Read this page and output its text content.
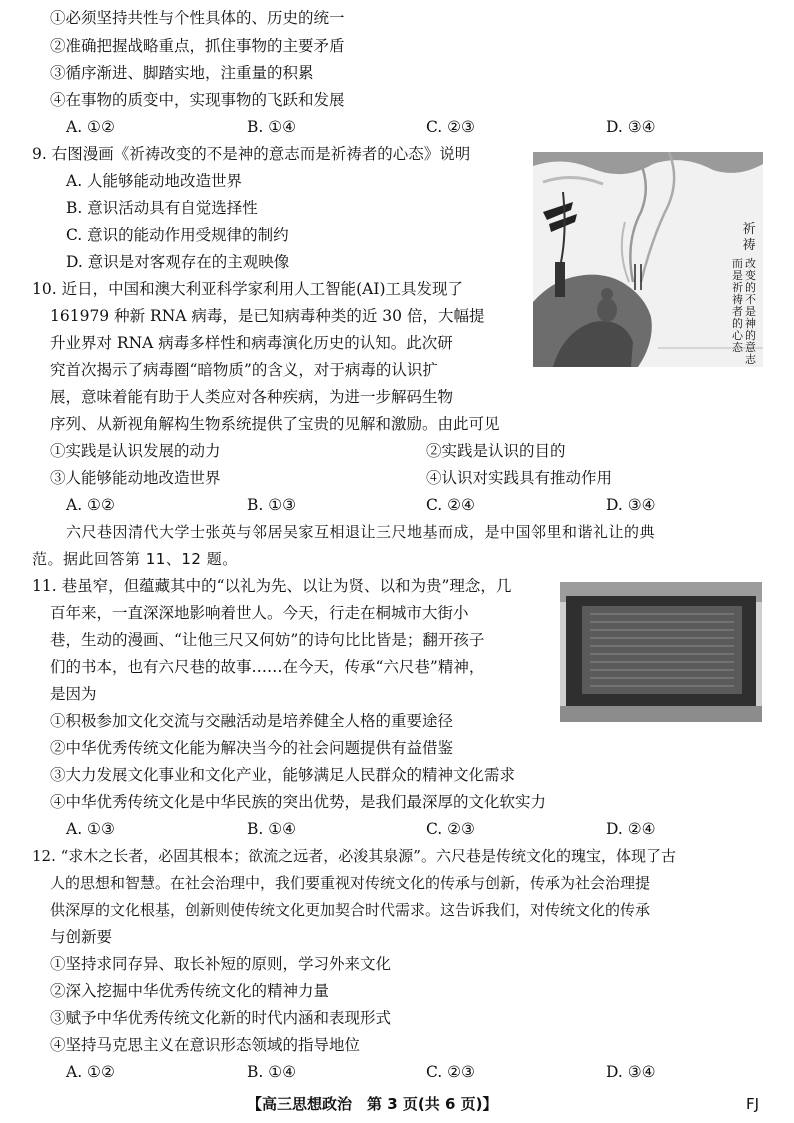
①必须坚持共性与个性具体的、历史的统一
②准确把握战略重点，抓住事物的主要矛盾
③循序渐进、脚踏实地，注重量的积累
④在事物的质变中，实现事物的飞跃和发展
A. ①②	B. ①④	C. ②③	D. ③④
9. 右图漫画《祈祷改变的不是神的意志而是祈祷者的心态》说明
A. 人能够能动地改造世界
B. 意识活动具有自觉选择性
C. 意识的能动作用受规律的制约
D. 意识是对客观存在的主观映像
祈
祷
改变的不是神的意志
而是祈祷者的心态
10. 近日，中国和澳大利亚科学家利用人工智能(AI)工具发现了
161979 种新 RNA 病毒，是已知病毒种类的近 30 倍，大幅提
升业界对 RNA 病毒多样性和病毒演化历史的认知。此次研
究首次揭示了病毒圈“暗物质”的含义，对于病毒的认识扩
展，意味着能有助于人类应对各种疾病，为进一步解码生物
序列、从新视角解构生物系统提供了宝贵的见解和激励。由此可见
①实践是认识发展的动力	②实践是认识的目的
③人能够能动地改造世界	④认识对实践具有推动作用
A. ①②	B. ①③	C. ②④	D. ③④
六尺巷因清代大学士张英与邻居吴家互相退让三尺地基而成，是中国邻里和谐礼让的典
范。据此回答第 11、12 题。
11. 巷虽窄，但蕴藏其中的“以礼为先、以让为贤、以和为贵”理念，几
百年来，一直深深地影响着世人。今天，行走在桐城市大街小
巷，生动的漫画、“让他三尺又何妨”的诗句比比皆是；翻开孩子
们的书本，也有六尺巷的故事……在今天，传承“六尺巷”精神，
是因为
①积极参加文化交流与交融活动是培养健全人格的重要途径
②中华优秀传统文化能为解决当今的社会问题提供有益借鉴
③大力发展文化事业和文化产业，能够满足人民群众的精神文化需求
④中华优秀传统文化是中华民族的突出优势，是我们最深厚的文化软实力
A. ①③	B. ①④	C. ②③	D. ②④
12. “求木之长者，必固其根本；欲流之远者，必浚其泉源”。六尺巷是传统文化的瑰宝，体现了古
人的思想和智慧。在社会治理中，我们要重视对传统文化的传承与创新，传承为社会治理提
供深厚的文化根基，创新则使传统文化更加契合时代需求。这告诉我们，对传统文化的传承
与创新要
①坚持求同存异、取长补短的原则，学习外来文化
②深入挖掘中华优秀传统文化的精神力量
③赋予中华优秀传统文化新的时代内涵和表现形式
④坚持马克思主义在意识形态领域的指导地位
A. ①②	B. ①④	C. ②③	D. ③④
【高三思想政治　第 3 页(共 6 页)】	FJ
